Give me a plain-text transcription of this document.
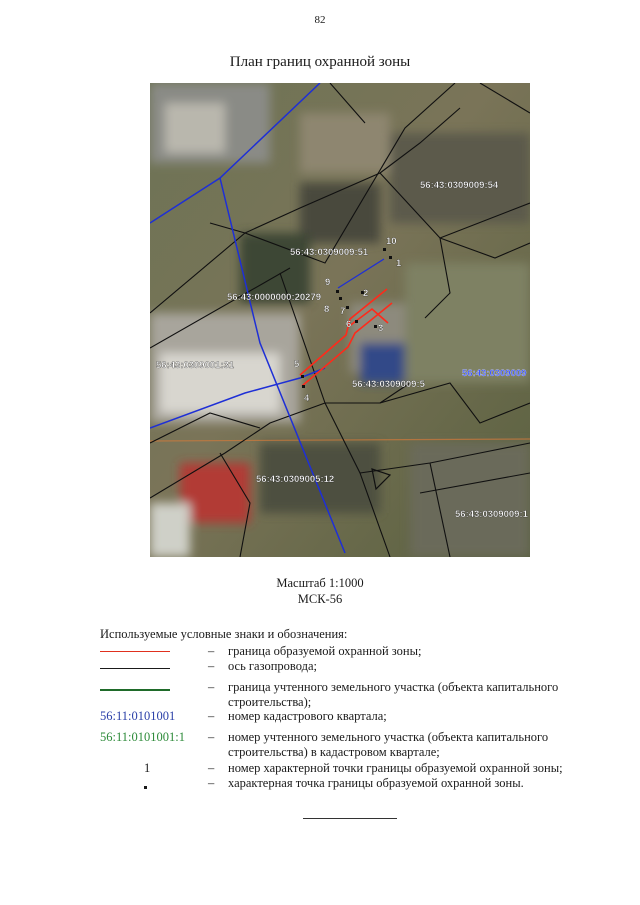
82
План границ охранной зоны
1
2
3
4
5
6
7
8
9
10
56:43:0309009:54
56:43:0309009:51
56:43:0000000:20279
56:43:0309001:31
56:43:0309009:5
56:43:0309005:12
56:43:0309009:1
56:43:0309009
Масштаб 1:1000
МСК-56
Используемые условные знаки и обозначения:
– граница образуемой охранной зоны;
– ось газопровода;
– граница учтенного земельного участка (объекта капитального строительства);
56:11:0101001	– номер кадастрового квартала;
56:11:0101001:1 – номер учтенного земельного участка (объекта капитального строительства) в кадастровом квартале;
1	– номер характерной точки границы образуемой охранной зоны;
– характерная точка границы образуемой охранной зоны.
